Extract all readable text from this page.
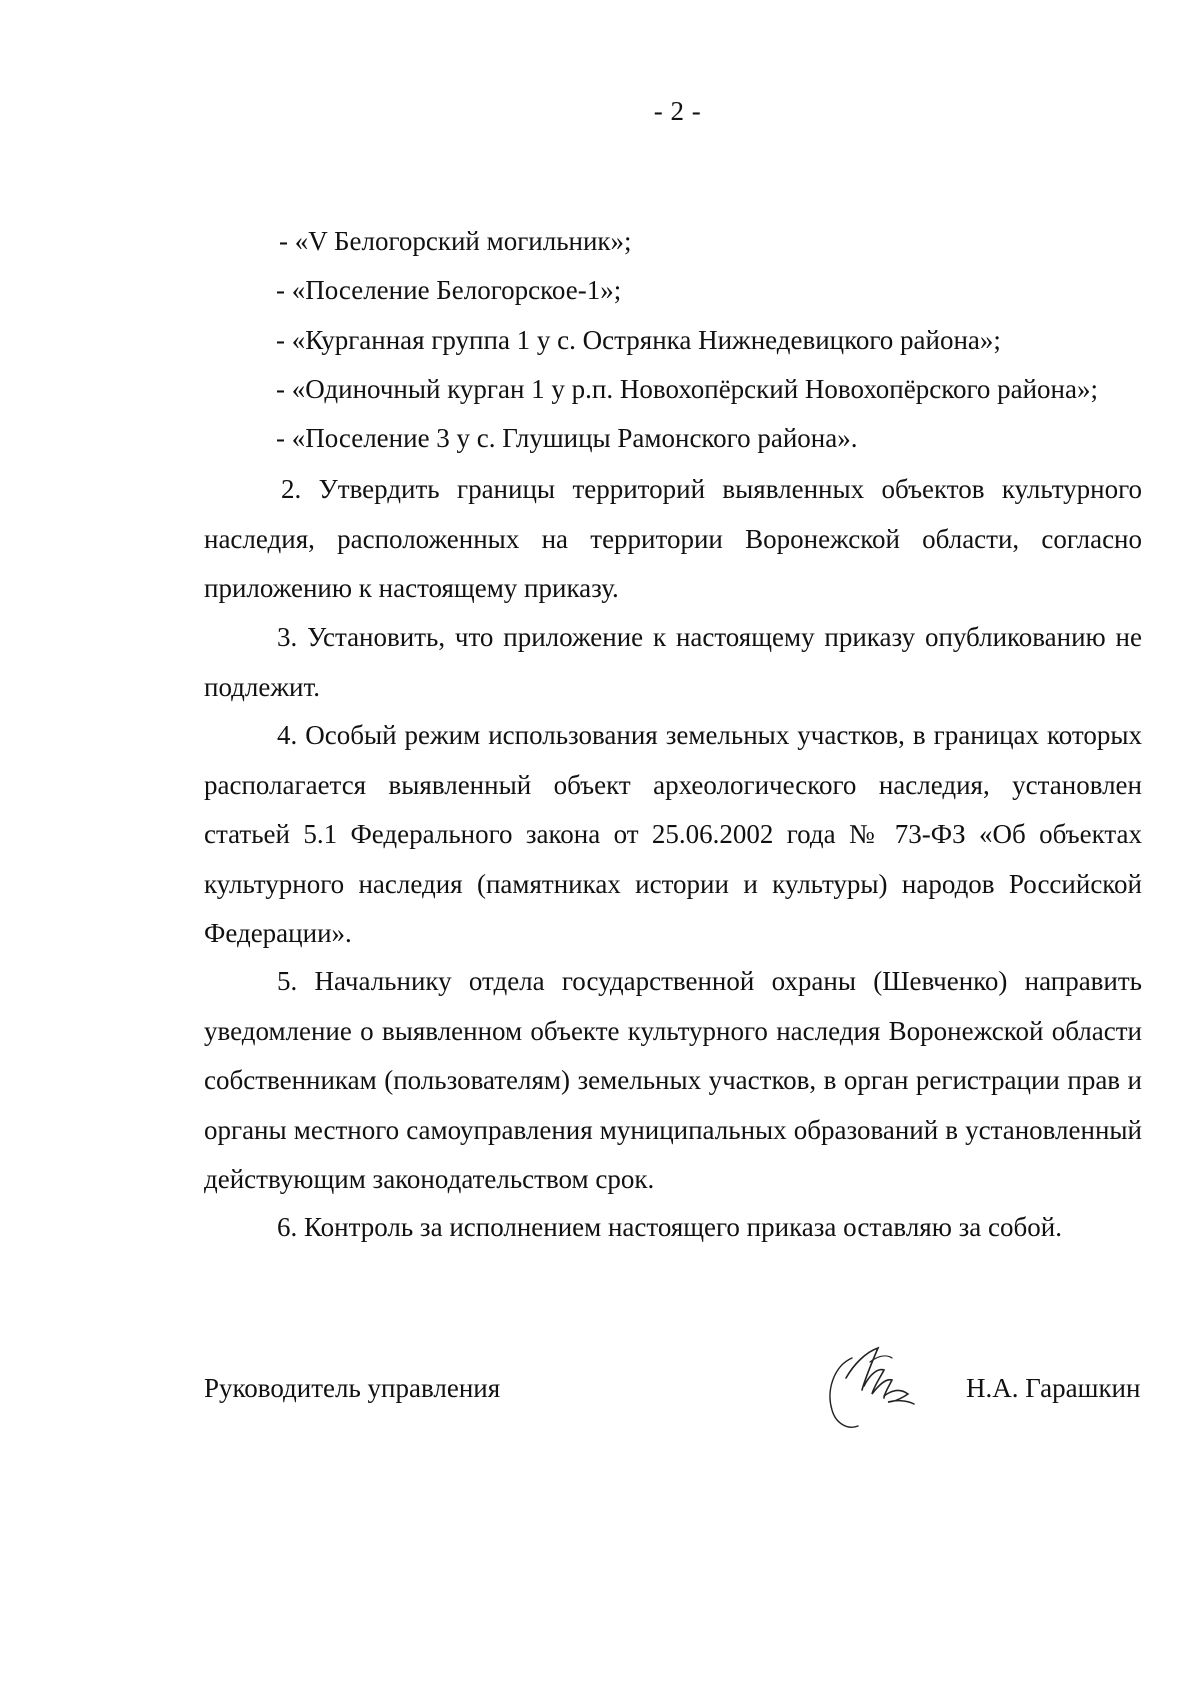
- 2 -
- «V Белогорский могильник»;
- «Поселение Белогорское-1»;
- «Курганная группа 1 у с. Острянка Нижнедевицкого района»;
- «Одиночный курган 1 у р.п. Новохопёрский Новохопёрского района»;
- «Поселение 3 у с. Глушицы Рамонского района».

2. Утвердить границы территорий выявленных объектов культурного наследия, расположенных на территории Воронежской области, согласно приложению к настоящему приказу.

3. Установить, что приложение к настоящему приказу опубликованию не подлежит.

4. Особый режим использования земельных участков, в границах которых располагается выявленный объект археологического наследия, установлен статьей 5.1 Федерального закона от 25.06.2002 года № 73-ФЗ «Об объектах культурного наследия (памятниках истории и культуры) народов Российской Федерации».

5. Начальнику отдела государственной охраны (Шевченко) направить уведомление о выявленном объекте культурного наследия Воронежской области собственникам (пользователям) земельных участков, в орган регистрации прав и органы местного самоуправления муниципальных образований в установленный действующим законодательством срок.

6. Контроль за исполнением настоящего приказа оставляю за собой.

Руководитель управления	Н.А. Гарашкин
